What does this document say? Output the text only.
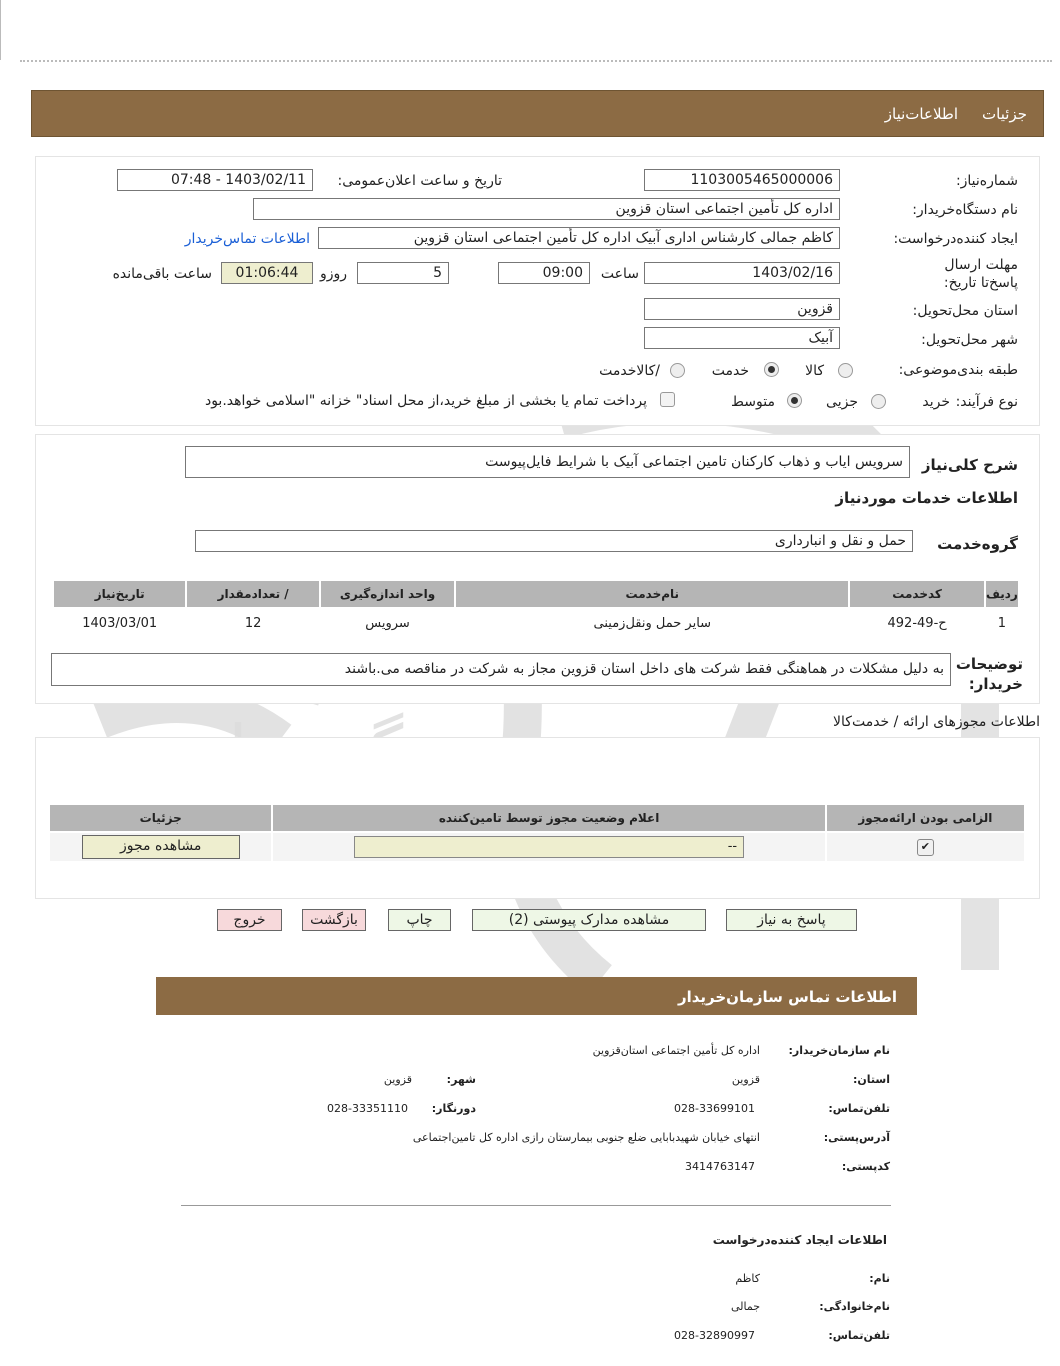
جزئیات
اطلاعات‌نیاز
شماره‌نیاز:
1103005465000006
تاریخ و ساعت اعلان‌عمومی:
1403/02/11 - 07:48
نام دستگاه‌خریدار:
اداره کل تأمین اجتماعی استان قزوین
ایجاد کننده‌درخواست:
کاظم جمالی کارشناس اداری آبیک اداره کل تأمین اجتماعی استان قزوین
اطلاعات تماس‌خریدار
مهلت ارسال پاسخ‌تا تاریخ:
1403/02/16
ساعت
09:00
5
روزو
01:06:44
ساعت باقی‌مانده
استان محل‌تحویل:
قزوین
شهر محل‌تحویل:
آبیک
طبقه بندی‌موضوعی:
کالا
خدمت
/کالاخدمت
نوع فرآیند:
خرید
جزیی
متوسط
پرداخت تمام یا بخشی از مبلغ خرید،از محل اسناد" خزانه "اسلامی خواهد.بود
شرح کلی‌نیاز
سرویس ایاب و ذهاب کارکنان تامین اجتماعی آبیک با شرایط فایل‌پیوست
اطلاعات خدمات موردنیاز
گروه‌خدمت
حمل و نقل و انبارداری
ردیف	کدخدمت	نام‌خدمت	واحد اندازه‌گیری	/ تعدادمقدار	تاریخ‌نیاز
1	ح-49-492	سایر حمل ونقل‌زمینی	سرویس	12	1403/03/01
توضیحات خریدار:
به دلیل مشکلات در هماهنگی فقط شرکت های داخل استان قزوین مجاز به شرکت در مناقصه می.باشند
اطلاعات مجوزهای ارائه / خدمت‌کالا
الزامی بودن ارائه‌مجوز	اعلام وضعیت مجوز توسط تامین‌کننده	جزئیات
✔	--	مشاهده مجوز
پاسخ به نیاز
مشاهده مدارک پیوستی (2)
چاپ
بازگشت
خروج
اطلاعات تماس سازمان‌خریدار
نام سازمان‌خریدار:
اداره کل تأمین اجتماعی استان‌قزوین
استان:
قزوین
شهر:
قزوین
تلفن‌تماس:
028-33699101
دورنگار:
028-33351110
آدرس‌پستی:
انتهای خیابان شهیدبابایی ضلع جنوبی بیمارستان رازی اداره کل تامین‌اجتماعی
کدپستی:
3414763147
اطلاعات ایجاد کننده‌درخواست
نام:
کاظم
نام‌خانوادگی:
جمالی
تلفن‌تماس:
028-32890997
